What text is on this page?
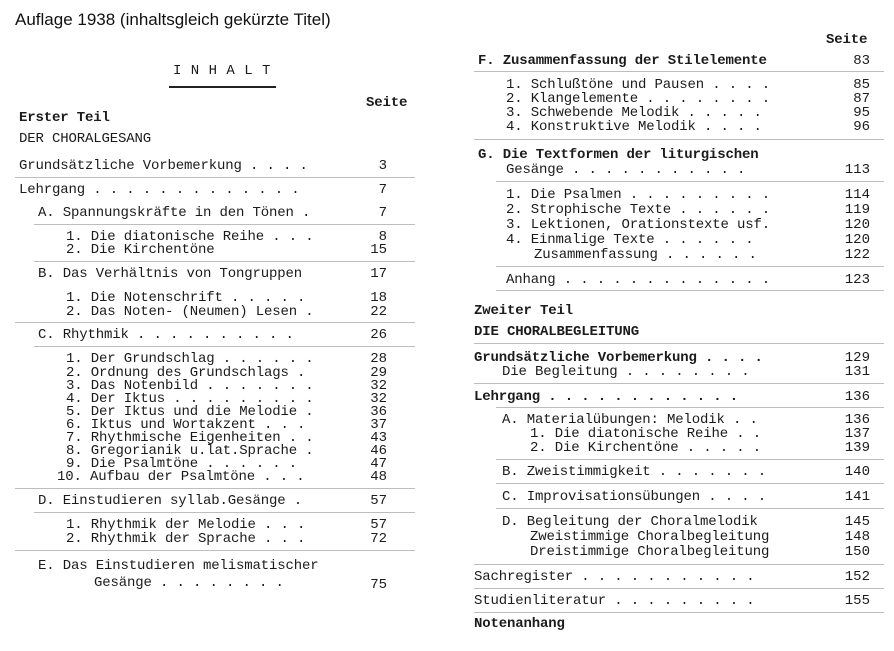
Auflage 1938 (inhaltsgleich gekürzte Titel)
I N H A L T
Seite
Erster Teil
DER CHORALGESANG
Grundsätzliche Vorbemerkung . . . .	3
Lehrgang . . . . . . . . . . . . .	7
A. Spannungskräfte in den Tönen .	7
1. Die diatonische Reihe . . .	8
2. Die Kirchentöne	15
B. Das Verhältnis von Tongruppen	17
1. Die Notenschrift . . . . .	18
2. Das Noten- (Neumen) Lesen .	22
C. Rhythmik . . . . . . . . . .	26
1. Der Grundschlag . . . . . .	28
2. Ordnung des Grundschlags .	29
3. Das Notenbild . . . . . . .	32
4. Der Iktus . . . . . . . . .	32
5. Der Iktus und die Melodie .	36
6. Iktus und Wortakzent . . .	37
7. Rhythmische Eigenheiten . .	43
8. Gregorianik u.lat.Sprache .	46
9. Die Psalmtöne . . . . . .	47
10. Aufbau der Psalmtöne . . .	48
D. Einstudieren syllab.Gesänge .	57
1. Rhythmik der Melodie . . .	57
2. Rhythmik der Sprache . . .	72
E. Das Einstudieren melismatischer
Gesänge . . . . . . . .	75
Seite
F. Zusammenfassung der Stilelemente	83
1. Schlußtöne und Pausen . . . .	85
2. Klangelemente . . . . . . . .	87
3. Schwebende Melodik . . . . .	95
4. Konstruktive Melodik . . . .	96
G. Die Textformen der liturgischen
Gesänge . . . . . . . . . . .	113
1. Die Psalmen . . . . . . . . .	114
2. Strophische Texte . . . . . .	119
3. Lektionen, Orationstexte usf.	120
4. Einmalige Texte . . . . . .	120
Zusammenfassung . . . . . .	122
Anhang . . . . . . . . . . . . .	123
Zweiter Teil
DIE CHORALBEGLEITUNG
Grundsätzliche Vorbemerkung . . . .	129
Die Begleitung . . . . . . . .	131
Lehrgang . . . . . . . . . . . .	136
A. Materialübungen: Melodik . .	136
1. Die diatonische Reihe . .	137
2. Die Kirchentöne . . . . .	139
B. Zweistimmigkeit . . . . . . .	140
C. Improvisationsübungen . . . .	141
D. Begleitung der Choralmelodik	145
Zweistimmige Choralbegleitung	148
Dreistimmige Choralbegleitung	150
Sachregister . . . . . . . . . . .	152
Studienliteratur . . . . . . . . .	155
Notenanhang
